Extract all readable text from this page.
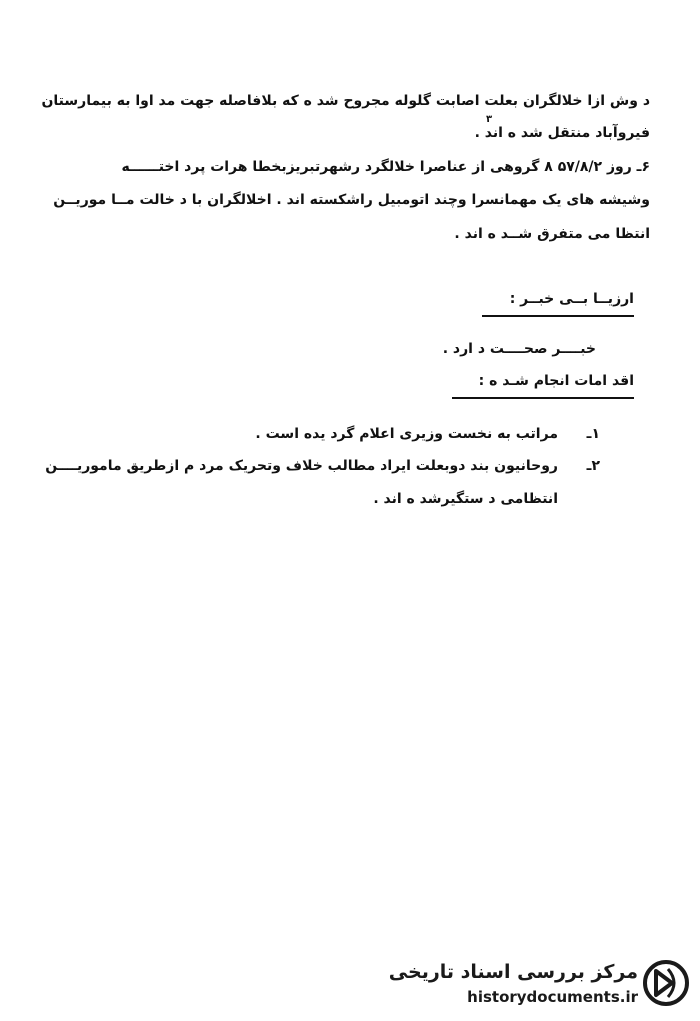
د وش ازا خلالگران بعلت اصابت گلوله مجروح شد ه که بلافاصله جهت مد اوا به بیمارستان
فیروآباد منتقل شد ه اند .
۳
۶ـ روز ۵۷/۸/۲ ۸ گروهی از عناصرا خلالگرد رشهرتبریزبخطا هرات پرد اختــــــه
وشیشه های یک مهمانسرا وچند اتومبیل راشکسته اند . اخلالگران با د خالت مــا موریــن
انتظا می متفرق شــد ه اند .
ارزیــا بــی خبــر :
خبــــر صحــــت د ارد .
اقد امات انجام شـد ه :
۱ـ
مراتب به نخست وزیری اعلام گرد یده است .
۲ـ
روحانیون بند دوبعلت ایراد مطالب خلاف وتحریک مرد م ازطریق ماموریــــن
انتظامی د ستگیرشد ه اند .
مرکز بررسی اسناد تاریخی
historydocuments.ir
